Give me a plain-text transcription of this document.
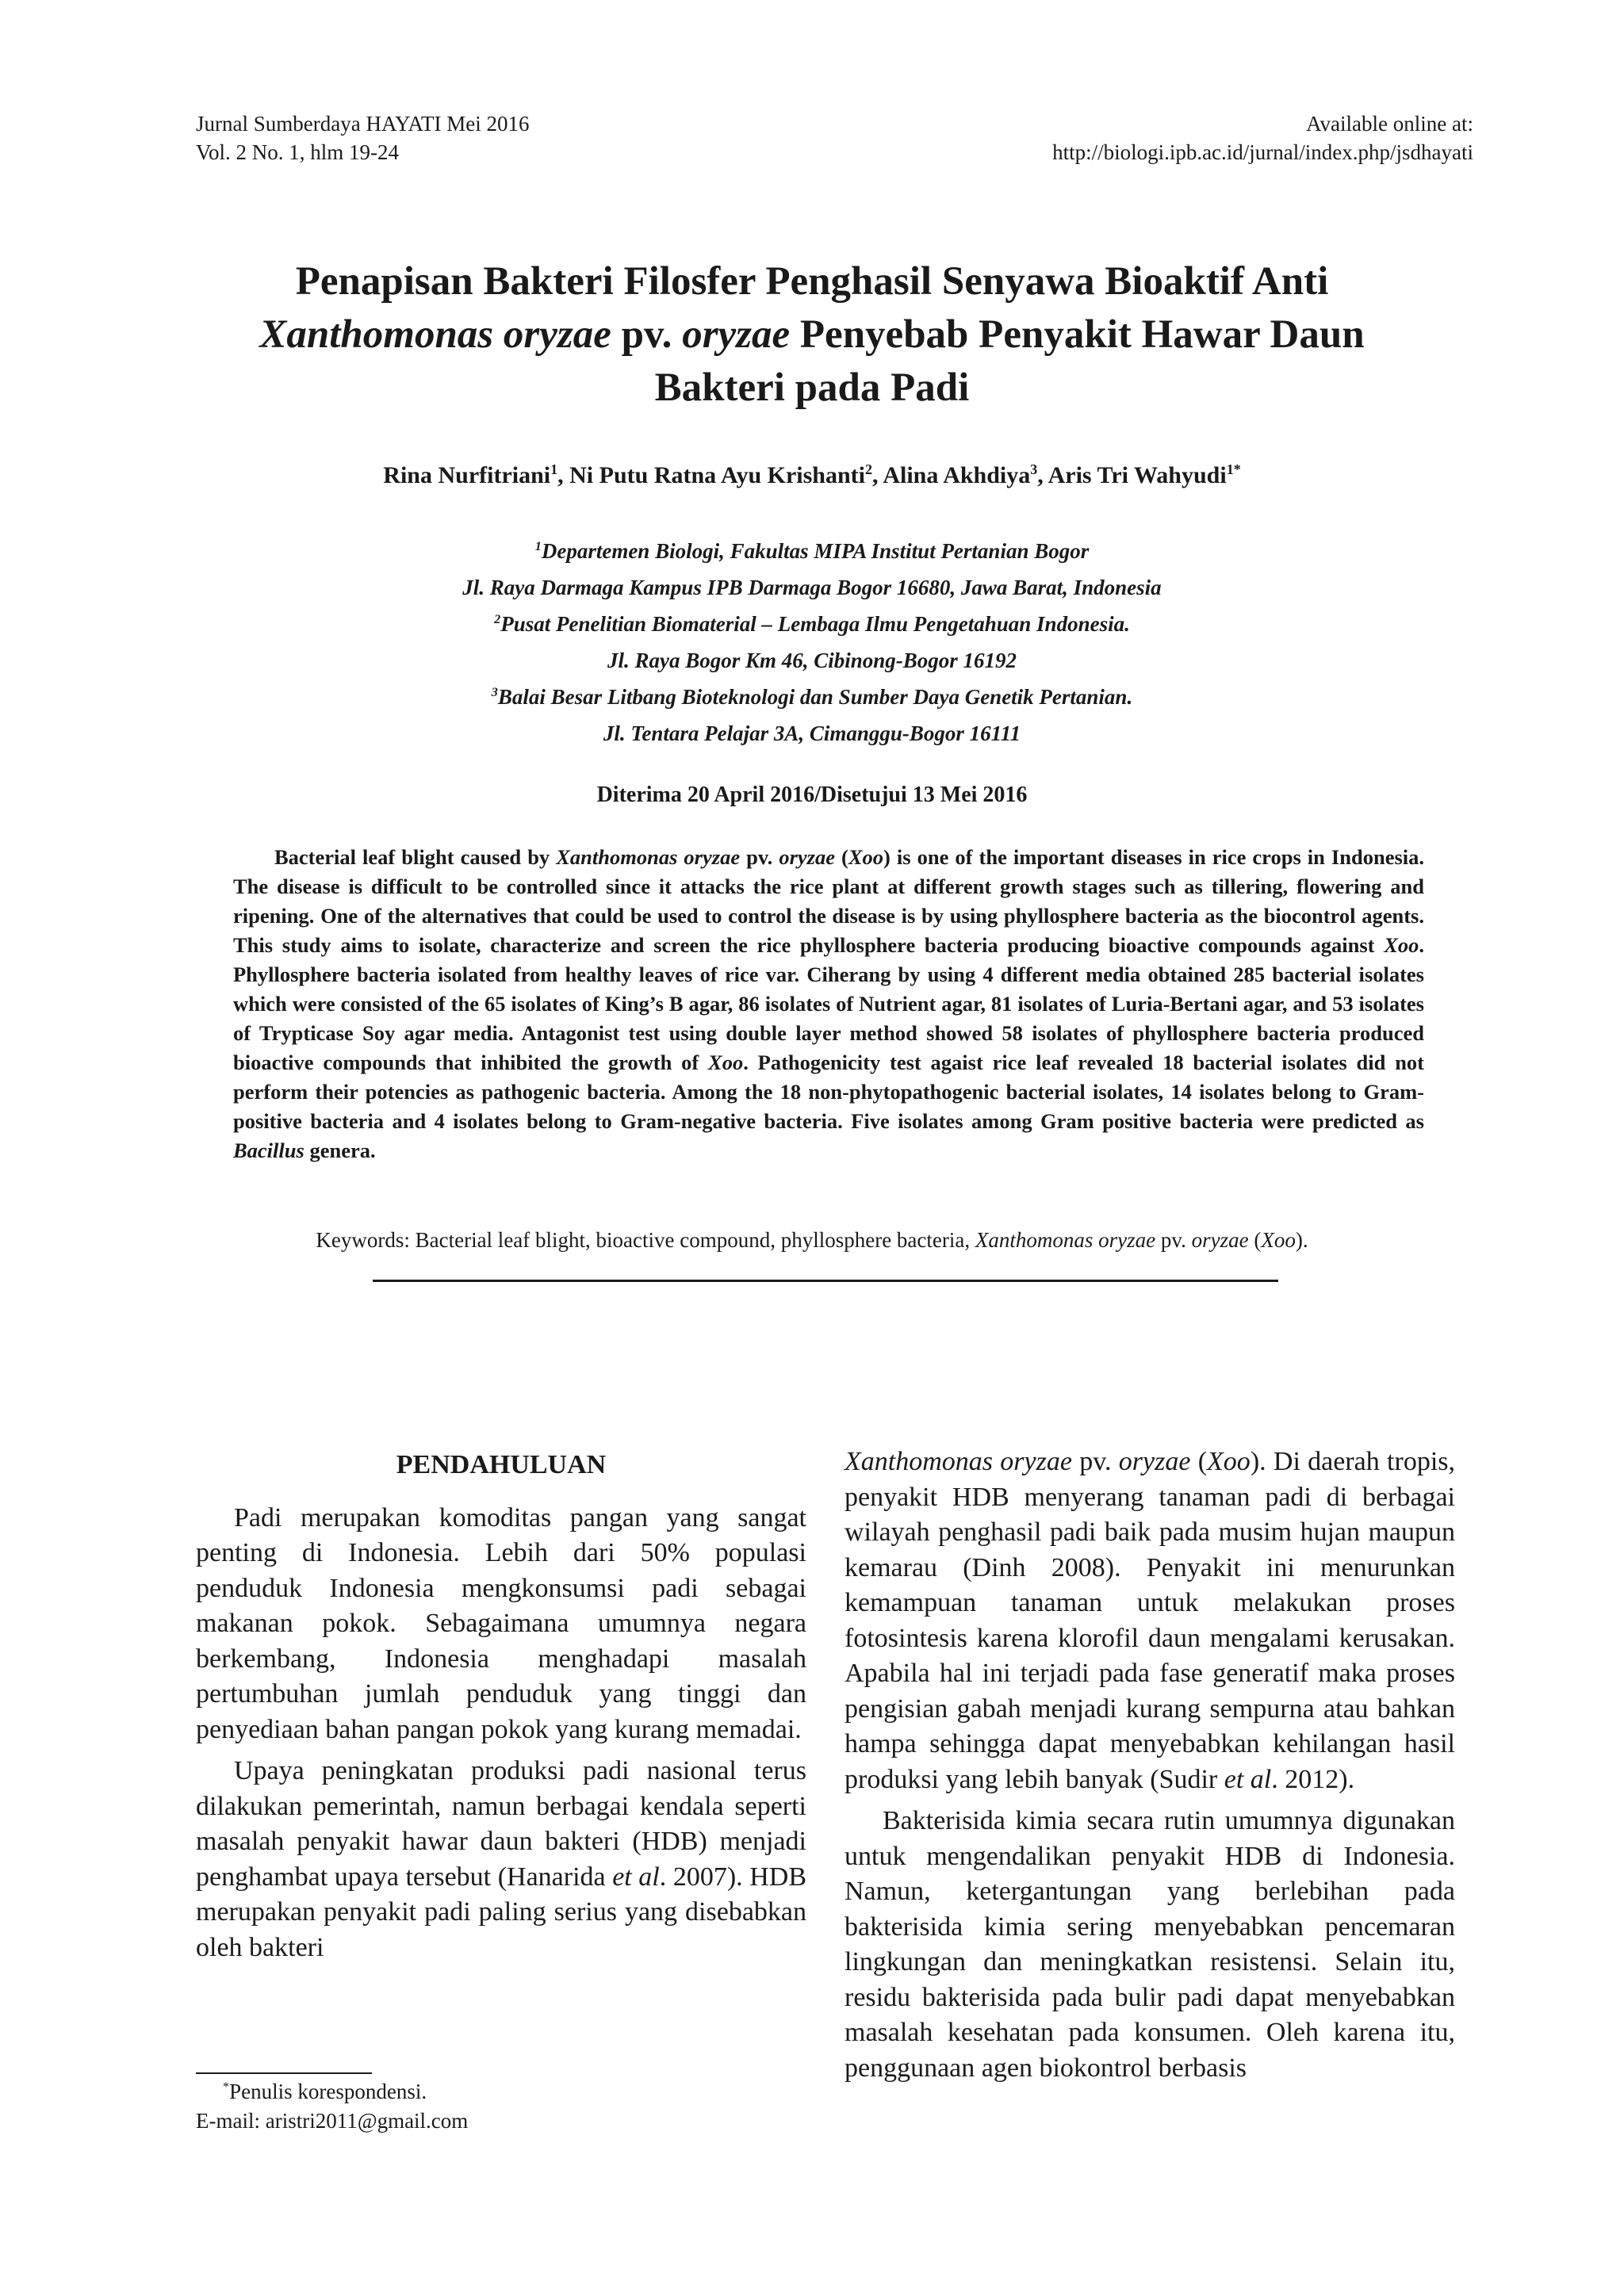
Jurnal Sumberdaya HAYATI Mei 2016
Vol. 2 No. 1, hlm 19-24
Available online at:
http://biologi.ipb.ac.id/jurnal/index.php/jsdhayati
Penapisan Bakteri Filosfer Penghasil Senyawa Bioaktif Anti
Xanthomonas oryzae pv. oryzae Penyebab Penyakit Hawar Daun
Bakteri pada Padi
Rina Nurfitriani$^1$, Ni Putu Ratna Ayu Krishanti$^2$, Alina Akhdiya$^3$, Aris Tri Wahyudi$^{1*}$
$^1$Departemen Biologi, Fakultas MIPA Institut Pertanian Bogor
Jl. Raya Darmaga Kampus IPB Darmaga Bogor 16680, Jawa Barat, Indonesia
$^2$Pusat Penelitian Biomaterial – Lembaga Ilmu Pengetahuan Indonesia.
Jl. Raya Bogor Km 46, Cibinong-Bogor 16192
$^3$Balai Besar Litbang Bioteknologi dan Sumber Daya Genetik Pertanian.
Jl. Tentara Pelajar 3A, Cimanggu-Bogor 16111
Diterima 20 April 2016/Disetujui 13 Mei 2016
Bacterial leaf blight caused by Xanthomonas oryzae pv. oryzae (Xoo) is one of the important diseases in rice crops in Indonesia. The disease is difficult to be controlled since it attacks the rice plant at different growth stages such as tillering, flowering and ripening. One of the alternatives that could be used to control the disease is by using phyllosphere bacteria as the biocontrol agents. This study aims to isolate, characterize and screen the rice phyllosphere bacteria producing bioactive compounds against Xoo. Phyllosphere bacteria isolated from healthy leaves of rice var. Ciherang by using 4 different media obtained 285 bacterial isolates which were consisted of the 65 isolates of King’s B agar, 86 isolates of Nutrient agar, 81 isolates of Luria-Bertani agar, and 53 isolates of Trypticase Soy agar media. Antagonist test using double layer method showed 58 isolates of phyllosphere bacteria produced bioactive compounds that inhibited the growth of Xoo. Pathogenicity test agaist rice leaf revealed 18 bacterial isolates did not perform their potencies as pathogenic bacteria. Among the 18 non-phytopathogenic bacterial isolates, 14 isolates belong to Gram-positive bacteria and 4 isolates belong to Gram-negative bacteria. Five isolates among Gram positive bacteria were predicted as Bacillus genera.
Keywords: Bacterial leaf blight, bioactive compound, phyllosphere bacteria, Xanthomonas oryzae pv. oryzae (Xoo).
PENDAHULUAN

Padi merupakan komoditas pangan yang sangat penting di Indonesia. Lebih dari 50% populasi penduduk Indonesia mengkonsumsi padi sebagai makanan pokok. Sebagaimana umumnya negara berkembang, Indonesia menghadapi masalah pertumbuhan jumlah penduduk yang tinggi dan penyediaan bahan pangan pokok yang kurang memadai.

Upaya peningkatan produksi padi nasional terus dilakukan pemerintah, namun berbagai kendala seperti masalah penyakit hawar daun bakteri (HDB) menjadi penghambat upaya tersebut (Hanarida et al. 2007). HDB merupakan penyakit padi paling serius yang disebabkan oleh bakteri

Xanthomonas oryzae pv. oryzae (Xoo). Di daerah tropis, penyakit HDB menyerang tanaman padi di berbagai wilayah penghasil padi baik pada musim hujan maupun kemarau (Dinh 2008). Penyakit ini menurunkan kemampuan tanaman untuk melakukan proses fotosintesis karena klorofil daun mengalami kerusakan. Apabila hal ini terjadi pada fase generatif maka proses pengisian gabah menjadi kurang sempurna atau bahkan hampa sehingga dapat menyebabkan kehilangan hasil produksi yang lebih banyak (Sudir et al. 2012).

Bakterisida kimia secara rutin umumnya digunakan untuk mengendalikan penyakit HDB di Indonesia. Namun, ketergantungan yang berlebihan pada bakterisida kimia sering menyebabkan pencemaran lingkungan dan meningkatkan resistensi. Selain itu, residu bakterisida pada bulir padi dapat menyebabkan masalah kesehatan pada konsumen. Oleh karena itu, penggunaan agen biokontrol berbasis

*Penulis korespondensi.
E-mail: aristri2011@gmail.com
